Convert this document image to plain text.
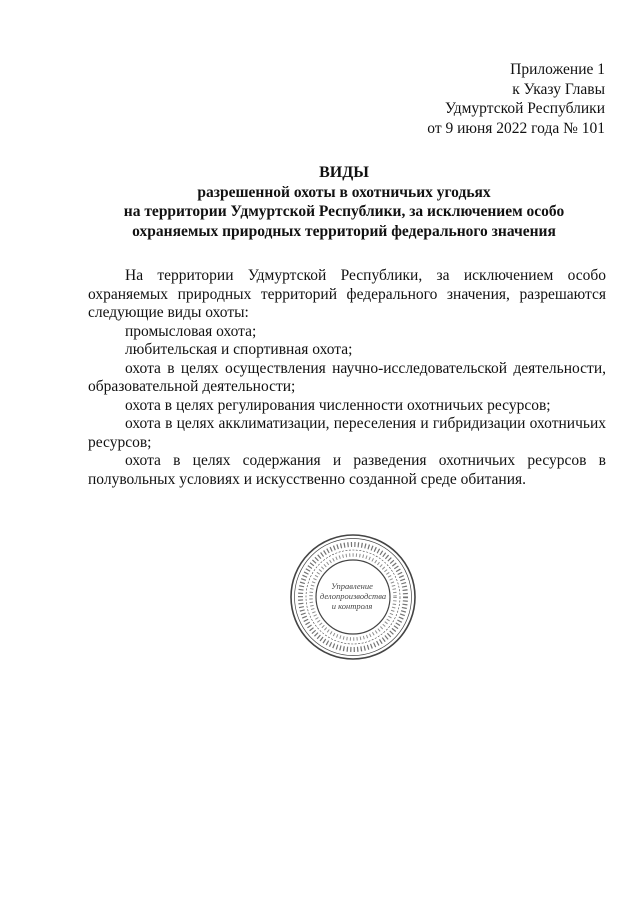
Приложение 1
к Указу Главы
Удмуртской Республики
от 9 июня 2022 года № 101
ВИДЫ
разрешенной охоты в охотничьих угодьях
на территории Удмуртской Республики, за исключением особо
охраняемых природных территорий федерального значения

На территории Удмуртской Республики, за исключением особо охраняемых природных территорий федерального значения, разрешаются следующие виды охоты:

промысловая охота;

любительская и спортивная охота;

охота в целях осуществления научно-исследовательской деятельности, образовательной деятельности;

охота в целях регулирования численности охотничьих ресурсов;

охота в целях акклиматизации, переселения и гибридизации охотничьих ресурсов;

охота в целях содержания и разведения охотничьих ресурсов в полувольных условиях и искусственно созданной среде обитания.

Управление
делопроизводства
и контроля
